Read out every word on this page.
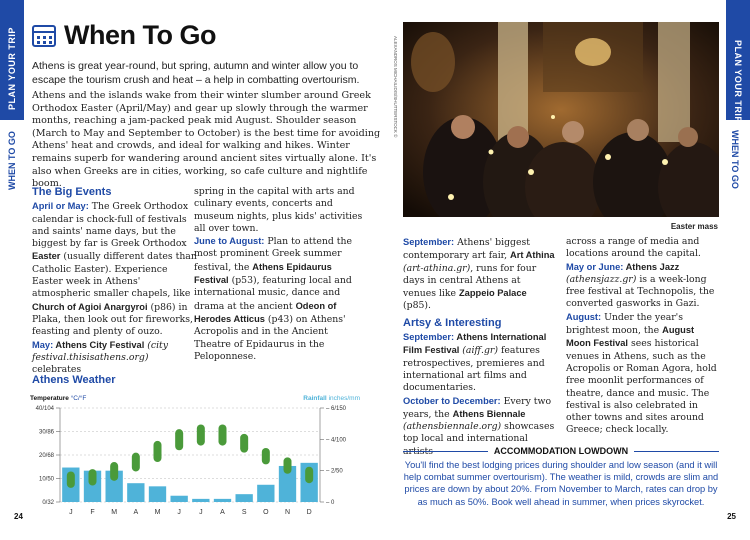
PLAN YOUR TRIP
WHEN TO GO
PLAN YOUR TRIP
WHEN TO GO
When To Go
Athens is great year-round, but spring, autumn and winter allow you to escape the tourism crush and heat – a help in combatting overtourism.
Athens and the islands wake from their winter slumber around Greek Orthodox Easter (April/May) and gear up slowly through the warmer months, reaching a jam-packed peak mid August. Shoulder season (March to May and September to October) is the best time for avoiding Athens' heat and crowds, and ideal for walking and hikes. Winter remains superb for wandering around ancient sites virtually alone. It's also when Greeks are in cities, working, so cafe culture and nightlife boom.
The Big Events

April or May: The Greek Orthodox calendar is chock-full of festivals and saints' name days, but the biggest by far is Greek Orthodox Easter (usually different dates than Catholic Easter). Experience Easter week in Athens' atmospheric smaller chapels, like Church of Agioi Anargyroi (p86) in Plaka, then look out for fireworks, feasting and plenty of ouzo.

May: Athens City Festival (city festival.thisisathens.org) celebrates

spring in the capital with arts and culinary events, concerts and museum nights, plus kids' activities all over town.

June to August: Plan to attend the most prominent Greek summer festival, the Athens Epidaurus Festival (p53), featuring local and international music, dance and drama at the ancient Odeon of Herodes Atticus (p43) on Athens' Acropolis and in the Ancient Theatre of Epidaurus in the Peloponnese.

Athens Weather
Temperature °C/°F	Rainfall inches/mm
0/32
10/50
20/68
30/86
40/104
– 0
– 2/50
– 4/100
– 6/150
J	F M A M J	J	A S O N D
ALEXANDROS MICHAILIDIS/SHUTTERSTOCK ©
Easter mass

September: Athens' biggest contemporary art fair, Art Athina (art-athina.gr), runs for four days in central Athens at venues like Zappeio Palace (p85).

Artsy & Interesting

September: Athens International Film Festival (aiff.gr) features retrospectives, premieres and international art films and documentaries.

October to December: Every two years, the Athens Biennale (athensbiennale.org) showcases top local and international

across a range of media and locations around the capital.

May or June: Athens Jazz (athensjazz.gr) is a week-long free festival at Technopolis, the converted gasworks in Gazi.

August: Under the year's brightest moon, the August Moon Festival sees historical venues in Athens, such as the Acropolis or Roman Agora, hold free moonlit performances of theatre, dance and music. The festival is also celebrated in other towns and sites around Greece; check locally.

ACCOMMODATION LOWDOWN
You'll find the best lodging prices during shoulder and low season (and it will help combat summer overtourism). The weather is mild, crowds are slim and prices are down by about 20%. From November to March, rates can drop by as much as 50%. Book well ahead in summer, when prices skyrocket.
24	25
